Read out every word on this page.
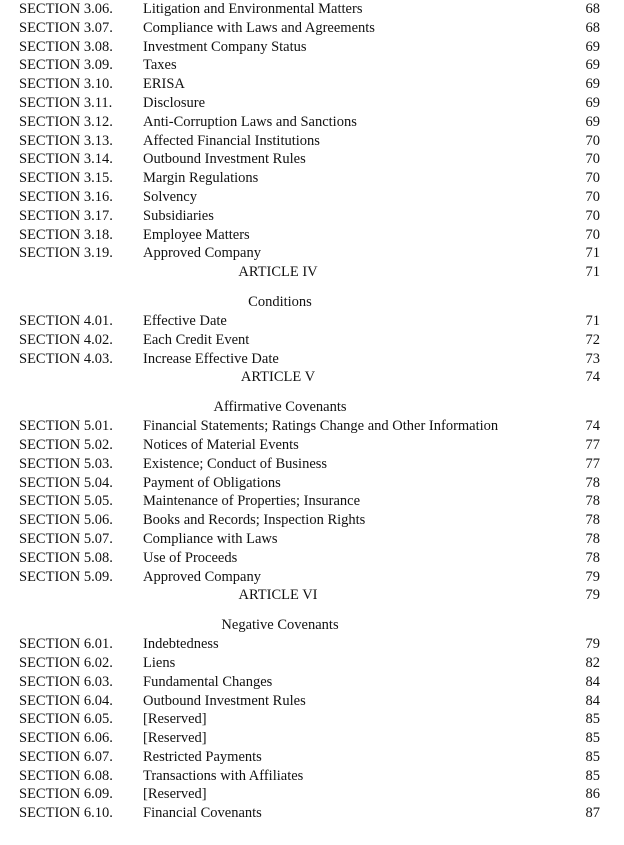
SECTION 3.06. Litigation and Environmental Matters	68
SECTION 3.07. Compliance with Laws and Agreements	68
SECTION 3.08. Investment Company Status	69
SECTION 3.09. Taxes	69
SECTION 3.10. ERISA	69
SECTION 3.11. Disclosure	69
SECTION 3.12. Anti-Corruption Laws and Sanctions	69
SECTION 3.13. Affected Financial Institutions	70
SECTION 3.14. Outbound Investment Rules	70
SECTION 3.15. Margin Regulations	70
SECTION 3.16. Solvency	70
SECTION 3.17. Subsidiaries	70
SECTION 3.18. Employee Matters	70
SECTION 3.19. Approved Company	71
ARTICLE IV	71
Conditions
SECTION 4.01. Effective Date	71
SECTION 4.02. Each Credit Event	72
SECTION 4.03. Increase Effective Date	73
ARTICLE V	74
Affirmative Covenants
SECTION 5.01. Financial Statements; Ratings Change and Other Information	74
SECTION 5.02. Notices of Material Events	77
SECTION 5.03. Existence; Conduct of Business	77
SECTION 5.04. Payment of Obligations	78
SECTION 5.05. Maintenance of Properties; Insurance	78
SECTION 5.06. Books and Records; Inspection Rights	78
SECTION 5.07. Compliance with Laws	78
SECTION 5.08. Use of Proceeds	78
SECTION 5.09. Approved Company	79
ARTICLE VI	79
Negative Covenants
SECTION 6.01. Indebtedness	79
SECTION 6.02. Liens	82
SECTION 6.03. Fundamental Changes	84
SECTION 6.04. Outbound Investment Rules	84
SECTION 6.05. [Reserved]	85
SECTION 6.06. [Reserved]	85
SECTION 6.07. Restricted Payments	85
SECTION 6.08. Transactions with Affiliates	85
SECTION 6.09. [Reserved]	86
SECTION 6.10. Financial Covenants	87
